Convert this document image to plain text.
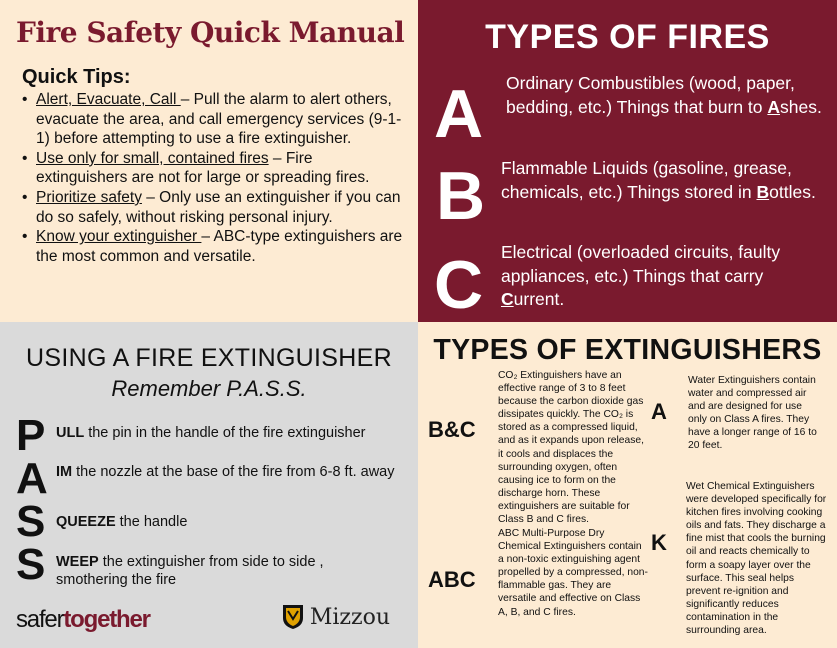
Fire Safety Quick Manual
Quick Tips:
• Alert, Evacuate, Call – Pull the alarm to alert others, evacuate the area, and call emergency services (9-1-1) before attempting to use a fire extinguisher.
• Use only for small, contained fires – Fire extinguishers are not for large or spreading fires.
• Prioritize safety – Only use an extinguisher if you can do so safely, without risking personal injury.
• Know your extinguisher – ABC-type extinguishers are the most common and versatile.
TYPES OF FIRES
A Ordinary Combustibles (wood, paper, bedding, etc.) Things that burn to Ashes.
B Flammable Liquids (gasoline, grease, chemicals, etc.) Things stored in Bottles.
C Electrical (overloaded circuits, faulty appliances, etc.) Things that carry Current.
USING A FIRE EXTINGUISHER
Remember P.A.S.S.
P ULL the pin in the handle of the fire extinguisher
A IM the nozzle at the base of the fire from 6-8 ft. away
S QUEEZE the handle
S WEEP the extinguisher from side to side , smothering the fire
safertogether	Mizzou
TYPES OF EXTINGUISHERS
B&C
CO₂ Extinguishers have an effective range of 3 to 8 feet because the carbon dioxide gas dissipates quickly. The CO₂ is stored as a compressed liquid, and as it expands upon release, it cools and displaces the surrounding oxygen, often causing ice to form on the discharge horn. These extinguishers are suitable for Class B and C fires.
ABC
ABC Multi-Purpose Dry Chemical Extinguishers contain a non-toxic extinguishing agent propelled by a compressed, non-flammable gas. They are versatile and effective on Class A, B, and C fires.
A
Water Extinguishers contain water and compressed air and are designed for use only on Class A fires. They have a longer range of 16 to 20 feet.
K
Wet Chemical Extinguishers were developed specifically for kitchen fires involving cooking oils and fats. They discharge a fine mist that cools the burning oil and reacts chemically to form a soapy layer over the surface. This seal helps prevent re-ignition and significantly reduces contamination in the surrounding area.
